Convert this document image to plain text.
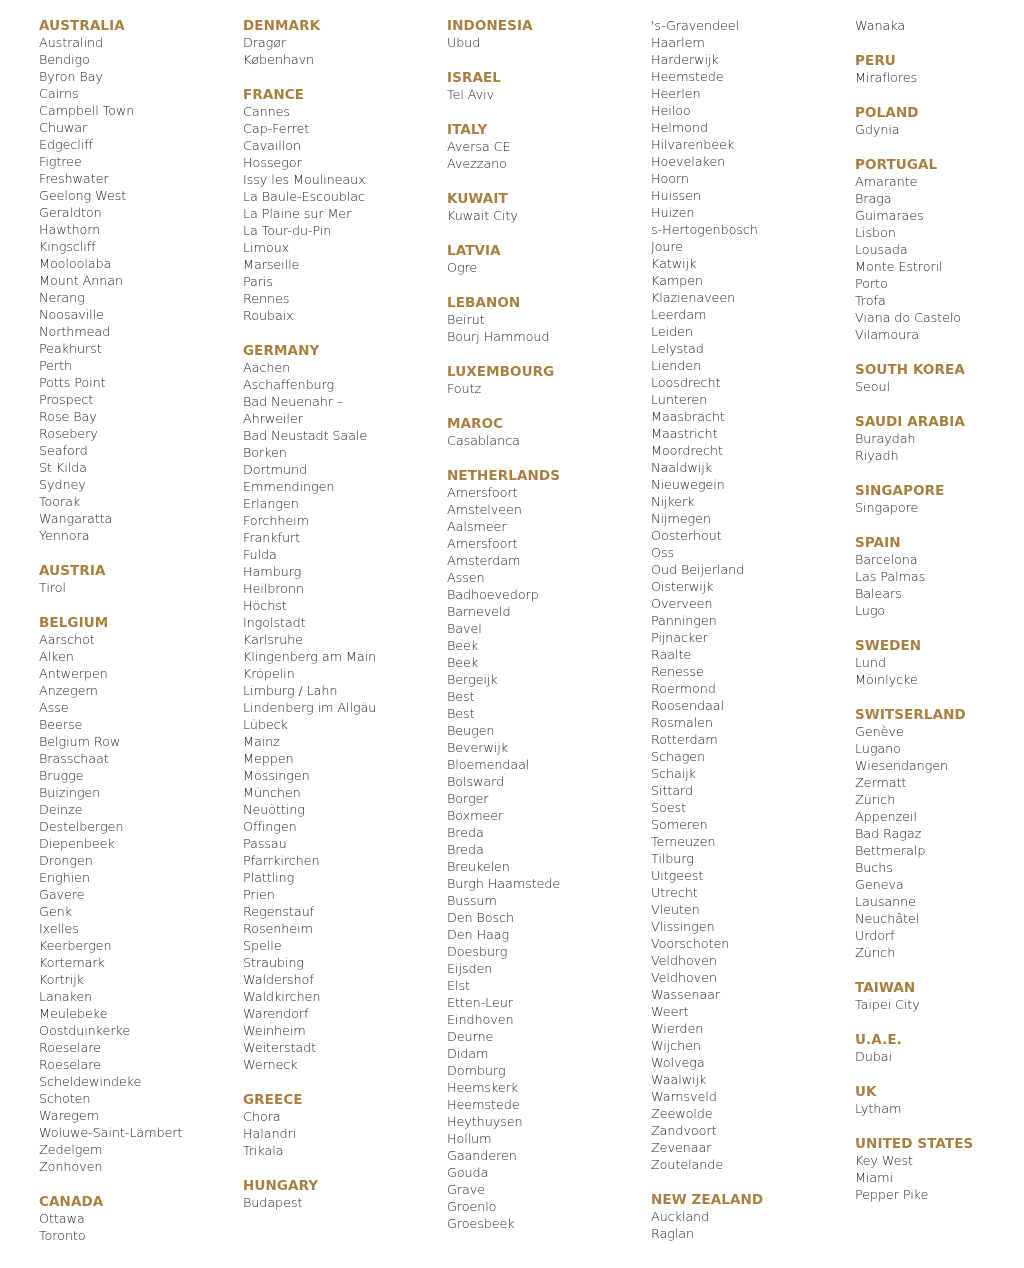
AUSTRALIA
Australind
Bendigo
Byron Bay
Cairns
Campbell Town
Chuwar
Edgecliff
Figtree
Freshwater
Geelong West
Geraldton
Hawthorn
Kingscliff
Mooloolaba
Mount Annan
Nerang
Noosaville
Northmead
Peakhurst
Perth
Potts Point
Prospect
Rose Bay
Rosebery
Seaford
St Kilda
Sydney
Toorak
Wangaratta
Yennora
AUSTRIA
Tirol
BELGIUM
Aarschot
Alken
Antwerpen
Anzegem
Asse
Beerse
Belgium Row
Brasschaat
Brugge
Buizingen
Deinze
Destelbergen
Diepenbeek
Drongen
Enghien
Gavere
Genk
Ixelles
Keerbergen
Kortemark
Kortrijk
Lanaken
Meulebeke
Oostduinkerke
Roeselare
Roeselare
Scheldewindeke
Schoten
Waregem
Woluwe-Saint-Lambert
Zedelgem
Zonhoven
CANADA
Ottawa
Toronto
DENMARK
Dragør
København
FRANCE
Cannes
Cap-Ferret
Cavaillon
Hossegor
Issy les Moulineaux
La Baule-Escoublac
La Plaine sur Mer
La Tour-du-Pin
Limoux
Marseille
Paris
Rennes
Roubaix
GERMANY
Aachen
Aschaffenburg
Bad Neuenahr –
Ahrweiler
Bad Neustadt Saale
Borken
Dortmund
Emmendingen
Erlangen
Forchheim
Frankfurt
Fulda
Hamburg
Heilbronn
Höchst
Ingolstadt
Karlsruhe
Klingenberg am Main
Kröpelin
Limburg / Lahn
Lindenberg im Allgäu
Lübeck
Mainz
Meppen
Mössingen
München
Neuötting
Offingen
Passau
Pfarrkirchen
Plattling
Prien
Regenstauf
Rosenheim
Spelle
Straubing
Waldershof
Waldkirchen
Warendorf
Weinheim
Weiterstadt
Werneck
GREECE
Chora
Halandri
Trikala
HUNGARY
Budapest
INDONESIA
Ubud
ISRAEL
Tel Aviv
ITALY
Aversa CE
Avezzano
KUWAIT
Kuwait City
LATVIA
Ogre
LEBANON
Beirut
Bourj Hammoud
LUXEMBOURG
Foutz
MAROC
Casablanca
NETHERLANDS
Amersfoort
Amstelveen
Aalsmeer
Amersfoort
Amsterdam
Assen
Badhoevedorp
Barneveld
Bavel
Beek
Beek
Bergeijk
Best
Best
Beugen
Beverwijk
Bloemendaal
Bolsward
Borger
Boxmeer
Breda
Breda
Breukelen
Burgh Haamstede
Bussum
Den Bosch
Den Haag
Doesburg
Eijsden
Elst
Etten-Leur
Eindhoven
Deurne
Didam
Domburg
Heemskerk
Heemstede
Heythuysen
Hollum
Gaanderen
Gouda
Grave
Groenlo
Groesbeek
's-Gravendeel
Haarlem
Harderwijk
Heemstede
Heerlen
Heiloo
Helmond
Hilvarenbeek
Hoevelaken
Hoorn
Huissen
Huizen
s-Hertogenbosch
Joure
Katwijk
Kampen
Klazienaveen
Leerdam
Leiden
Lelystad
Lienden
Loosdrecht
Lunteren
Maasbracht
Maastricht
Moordrecht
Naaldwijk
Nieuwegein
Nijkerk
Nijmegen
Oosterhout
Oss
Oud Beijerland
Oisterwijk
Overveen
Panningen
Pijnacker
Raalte
Renesse
Roermond
Roosendaal
Rosmalen
Rotterdam
Schagen
Schaijk
Sittard
Soest
Someren
Terneuzen
Tilburg
Uitgeest
Utrecht
Vleuten
Vlissingen
Voorschoten
Veldhoven
Veldhoven
Wassenaar
Weert
Wierden
Wijchen
Wolvega
Waalwijk
Warnsveld
Zeewolde
Zandvoort
Zevenaar
Zoutelande
NEW ZEALAND
Auckland
Raglan
Wanaka
PERU
Miraflores
POLAND
Gdynia
PORTUGAL
Amarante
Braga
Guimaraes
Lisbon
Lousada
Monte Estroril
Porto
Trofa
Viana do Castelo
Vilamoura
SOUTH KOREA
Seoul
SAUDI ARABIA
Buraydah
Riyadh
SINGAPORE
Singapore
SPAIN
Barcelona
Las Palmas
Balears
Lugo
SWEDEN
Lund
Möinlycke
SWITSERLAND
Genève
Lugano
Wiesendangen
Zermatt
Zürich
Appenzeil
Bad Ragaz
Bettmeralp
Buchs
Geneva
Lausanne
Neuchâtel
Urdorf
Zürich
TAIWAN
Taipei City
U.A.E.
Dubai
UK
Lytham
UNITED STATES
Key West
Miami
Pepper Pike
